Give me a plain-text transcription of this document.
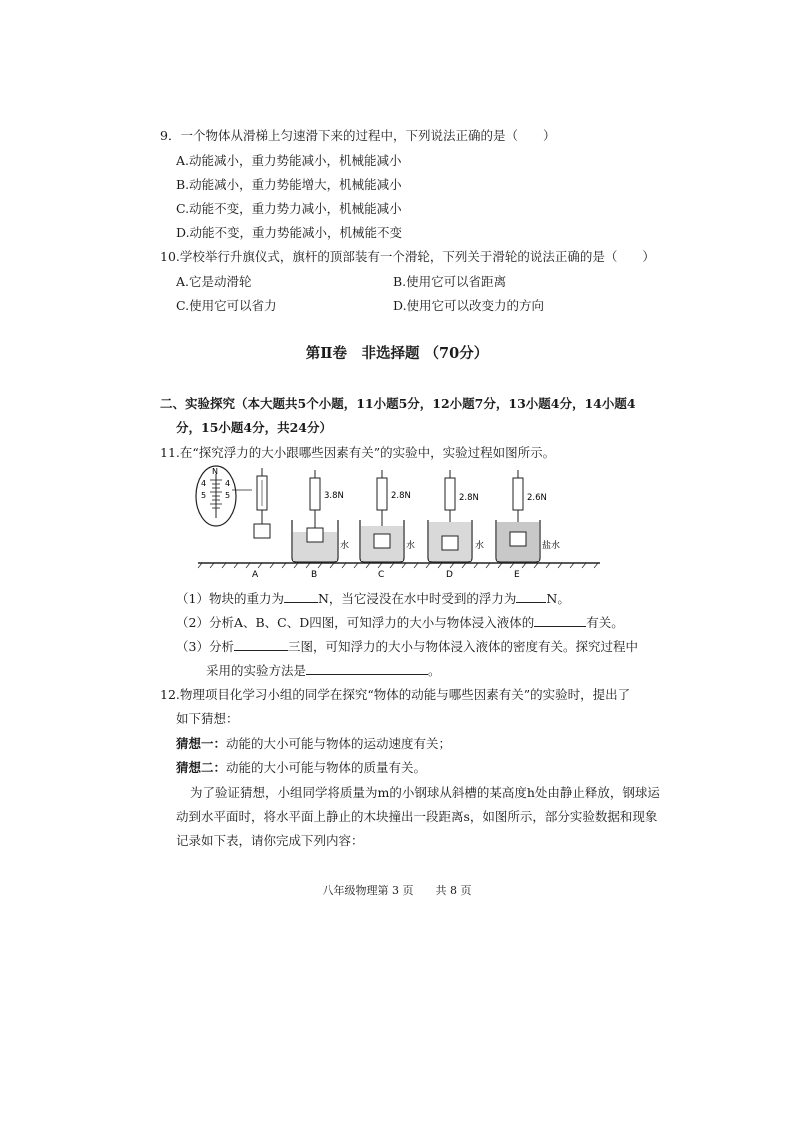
9．一个物体从滑梯上匀速滑下来的过程中，下列说法正确的是（　　）
A.动能减小，重力势能减小，机械能减小
B.动能减小，重力势能增大，机械能减小
C.动能不变，重力势力减小，机械能减小
D.动能不变，重力势能减小，机械能不变
10.学校举行升旗仪式，旗杆的顶部装有一个滑轮，下列关于滑轮的说法正确的是（　　）
A.它是动滑轮	B.使用它可以省距离
C.使用它可以省力	D.使用它可以改变力的方向
第Ⅱ卷　非选择题 （70分）
二、实验探究（本大题共5个小题，11小题5分，12小题7分，13小题4分，14小题4
分，15小题4分，共24分）
11.在“探究浮力的大小跟哪些因素有关”的实验中，实验过程如图所示。
N
4
5
4
5	3.8N
水
2.8N
水
2.8N
水
2.6N
盐水
A	B	C	D	E
（1）物块的重力为	N，当它浸没在水中时受到的浮力为 N。
（2）分析A、B、C、D四图，可知浮力的大小与物体浸入液体的	有关。
（3）分析	三图，可知浮力的大小与物体浸入液体的密度有关。探究过程中
采用的实验方法是	。
12.物理项目化学习小组的同学在探究“物体的动能与哪些因素有关”的实验时，提出了
如下猜想：
猜想一：动能的大小可能与物体的运动速度有关；
猜想二：动能的大小可能与物体的质量有关。
为了验证猜想，小组同学将质量为m的小钢球从斜槽的某高度h处由静止释放，钢球运
动到水平面时，将水平面上静止的木块撞出一段距离s，如图所示，部分实验数据和现象
记录如下表，请你完成下列内容：
八年级物理第 3 页　　共 8 页
